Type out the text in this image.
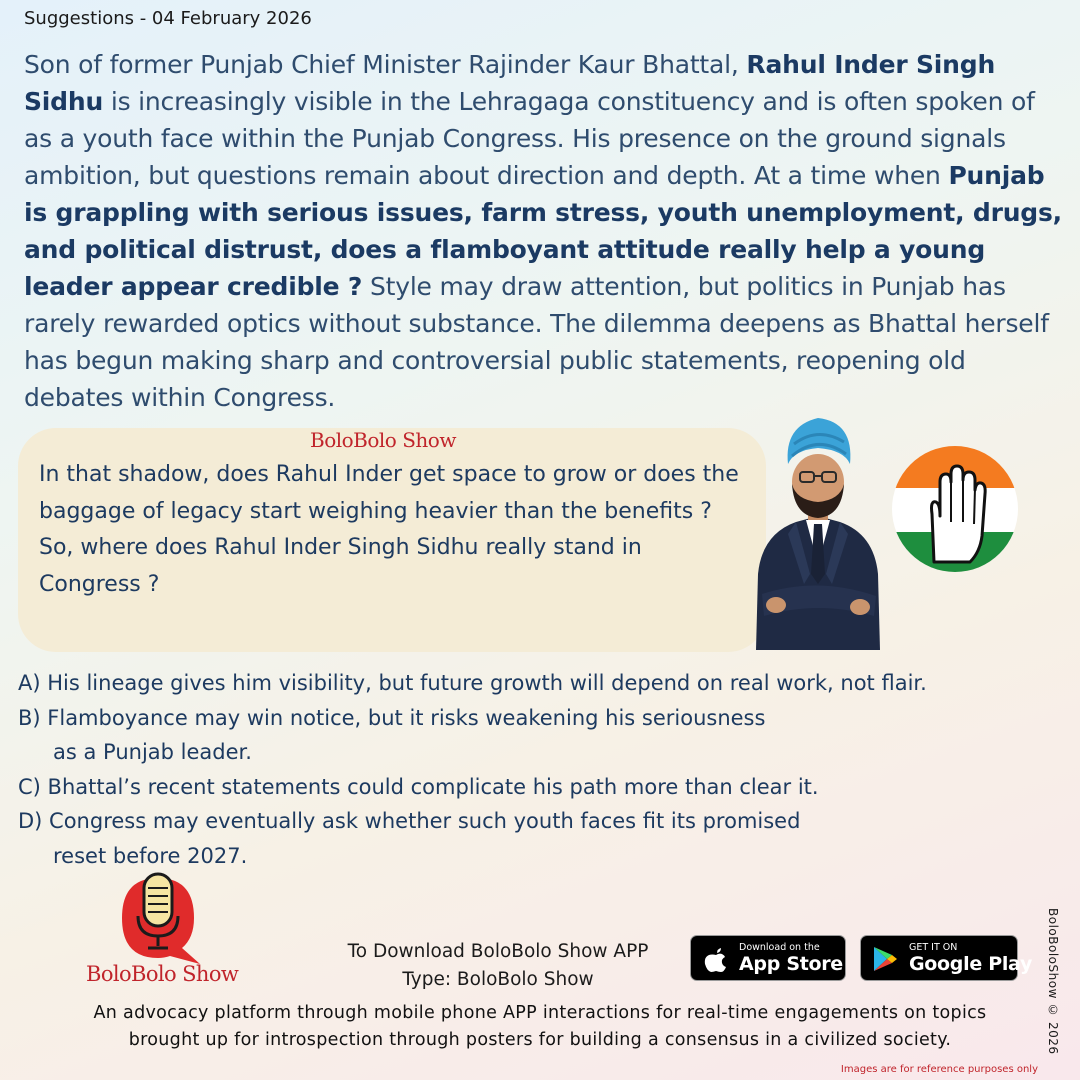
Suggestions - 04 February 2026
Son of former Punjab Chief Minister Rajinder Kaur Bhattal, Rahul Inder Singh Sidhu is increasingly visible in the Lehragaga constituency and is often spoken of as a youth face within the Punjab Congress. His presence on the ground signals ambition, but questions remain about direction and depth. At a time when Punjab is grappling with serious issues, farm stress, youth unemployment, drugs, and political distrust, does a flamboyant attitude really help a young leader appear credible ? Style may draw attention, but politics in Punjab has rarely rewarded optics without substance. The dilemma deepens as Bhattal herself has begun making sharp and controversial public statements, reopening old debates within Congress.
BoloBolo Show
In that shadow, does Rahul Inder get space to grow or does the baggage of legacy start weighing heavier than the benefits ?
So, where does Rahul Inder Singh Sidhu really stand in Congress ?
A) His lineage gives him visibility, but future growth will depend on real work, not flair.
B) Flamboyance may win notice, but it risks weakening his seriousness
as a Punjab leader.
C) Bhattal’s recent statements could complicate his path more than clear it.
D) Congress may eventually ask whether such youth faces fit its promised
reset before 2027.
BoloBolo Show
To Download BoloBolo Show APP
Type: BoloBolo Show
Download on the
App Store
GET IT ON
Google Play
An advocacy platform through mobile phone APP interactions for real-time engagements on topics
brought up for introspection through posters for building a consensus in a civilized society.	BoloBoloShow © 2026
Images are for reference purposes only
